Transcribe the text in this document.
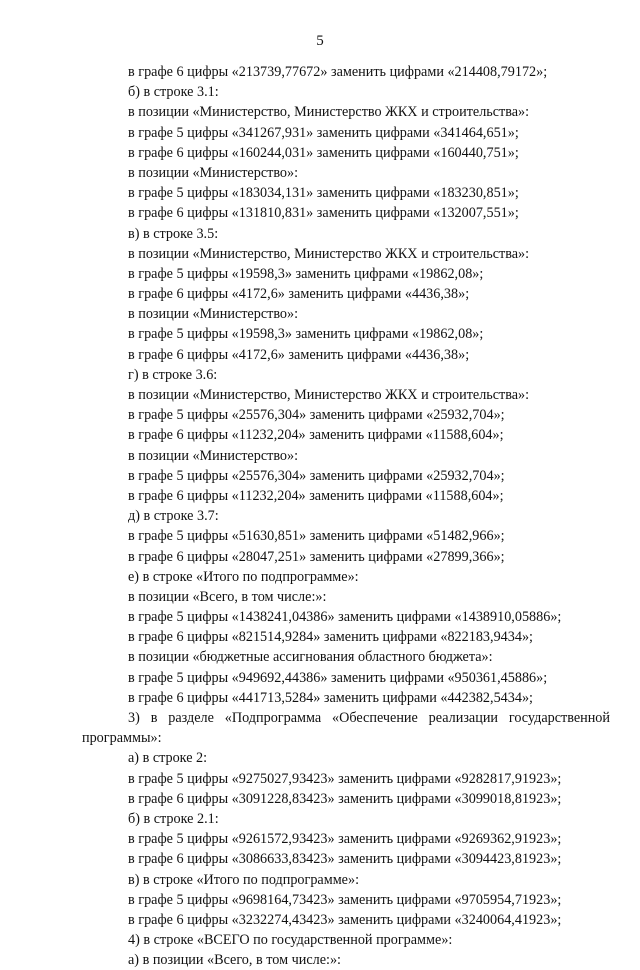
5
в графе 6 цифры «213739,77672» заменить цифрами «214408,79172»;
б) в строке 3.1:
в позиции «Министерство, Министерство ЖКХ и строительства»:
в графе 5 цифры «341267,931» заменить цифрами «341464,651»;
в графе 6 цифры «160244,031» заменить цифрами «160440,751»;
в позиции «Министерство»:
в графе 5 цифры «183034,131» заменить цифрами «183230,851»;
в графе 6 цифры «131810,831» заменить цифрами «132007,551»;
в) в строке 3.5:
в позиции «Министерство, Министерство ЖКХ и строительства»:
в графе 5 цифры «19598,3» заменить цифрами «19862,08»;
в графе 6 цифры «4172,6» заменить цифрами «4436,38»;
в позиции «Министерство»:
в графе 5 цифры «19598,3» заменить цифрами «19862,08»;
в графе 6 цифры «4172,6» заменить цифрами «4436,38»;
г) в строке 3.6:
в позиции «Министерство, Министерство ЖКХ и строительства»:
в графе 5 цифры «25576,304» заменить цифрами «25932,704»;
в графе 6 цифры «11232,204» заменить цифрами «11588,604»;
в позиции «Министерство»:
в графе 5 цифры «25576,304» заменить цифрами «25932,704»;
в графе 6 цифры «11232,204» заменить цифрами «11588,604»;
д) в строке 3.7:
в графе 5 цифры «51630,851» заменить цифрами «51482,966»;
в графе 6 цифры «28047,251» заменить цифрами «27899,366»;
е) в строке «Итого по подпрограмме»:
в позиции «Всего, в том числе:»:
в графе 5 цифры «1438241,04386» заменить цифрами «1438910,05886»;
в графе 6 цифры «821514,9284» заменить цифрами «822183,9434»;
в позиции «бюджетные ассигнования областного бюджета»:
в графе 5 цифры «949692,44386» заменить цифрами «950361,45886»;
в графе 6 цифры «441713,5284» заменить цифрами «442382,5434»;
3) в разделе «Подпрограмма «Обеспечение реализации государственной
программы»:
а) в строке 2:
в графе 5 цифры «9275027,93423» заменить цифрами «9282817,91923»;
в графе 6 цифры «3091228,83423» заменить цифрами «3099018,81923»;
б) в строке 2.1:
в графе 5 цифры «9261572,93423» заменить цифрами «9269362,91923»;
в графе 6 цифры «3086633,83423» заменить цифрами «3094423,81923»;
в) в строке «Итого по подпрограмме»:
в графе 5 цифры «9698164,73423» заменить цифрами «9705954,71923»;
в графе 6 цифры «3232274,43423» заменить цифрами «3240064,41923»;
4) в строке «ВСЕГО по государственной программе»:
а) в позиции «Всего, в том числе:»:
